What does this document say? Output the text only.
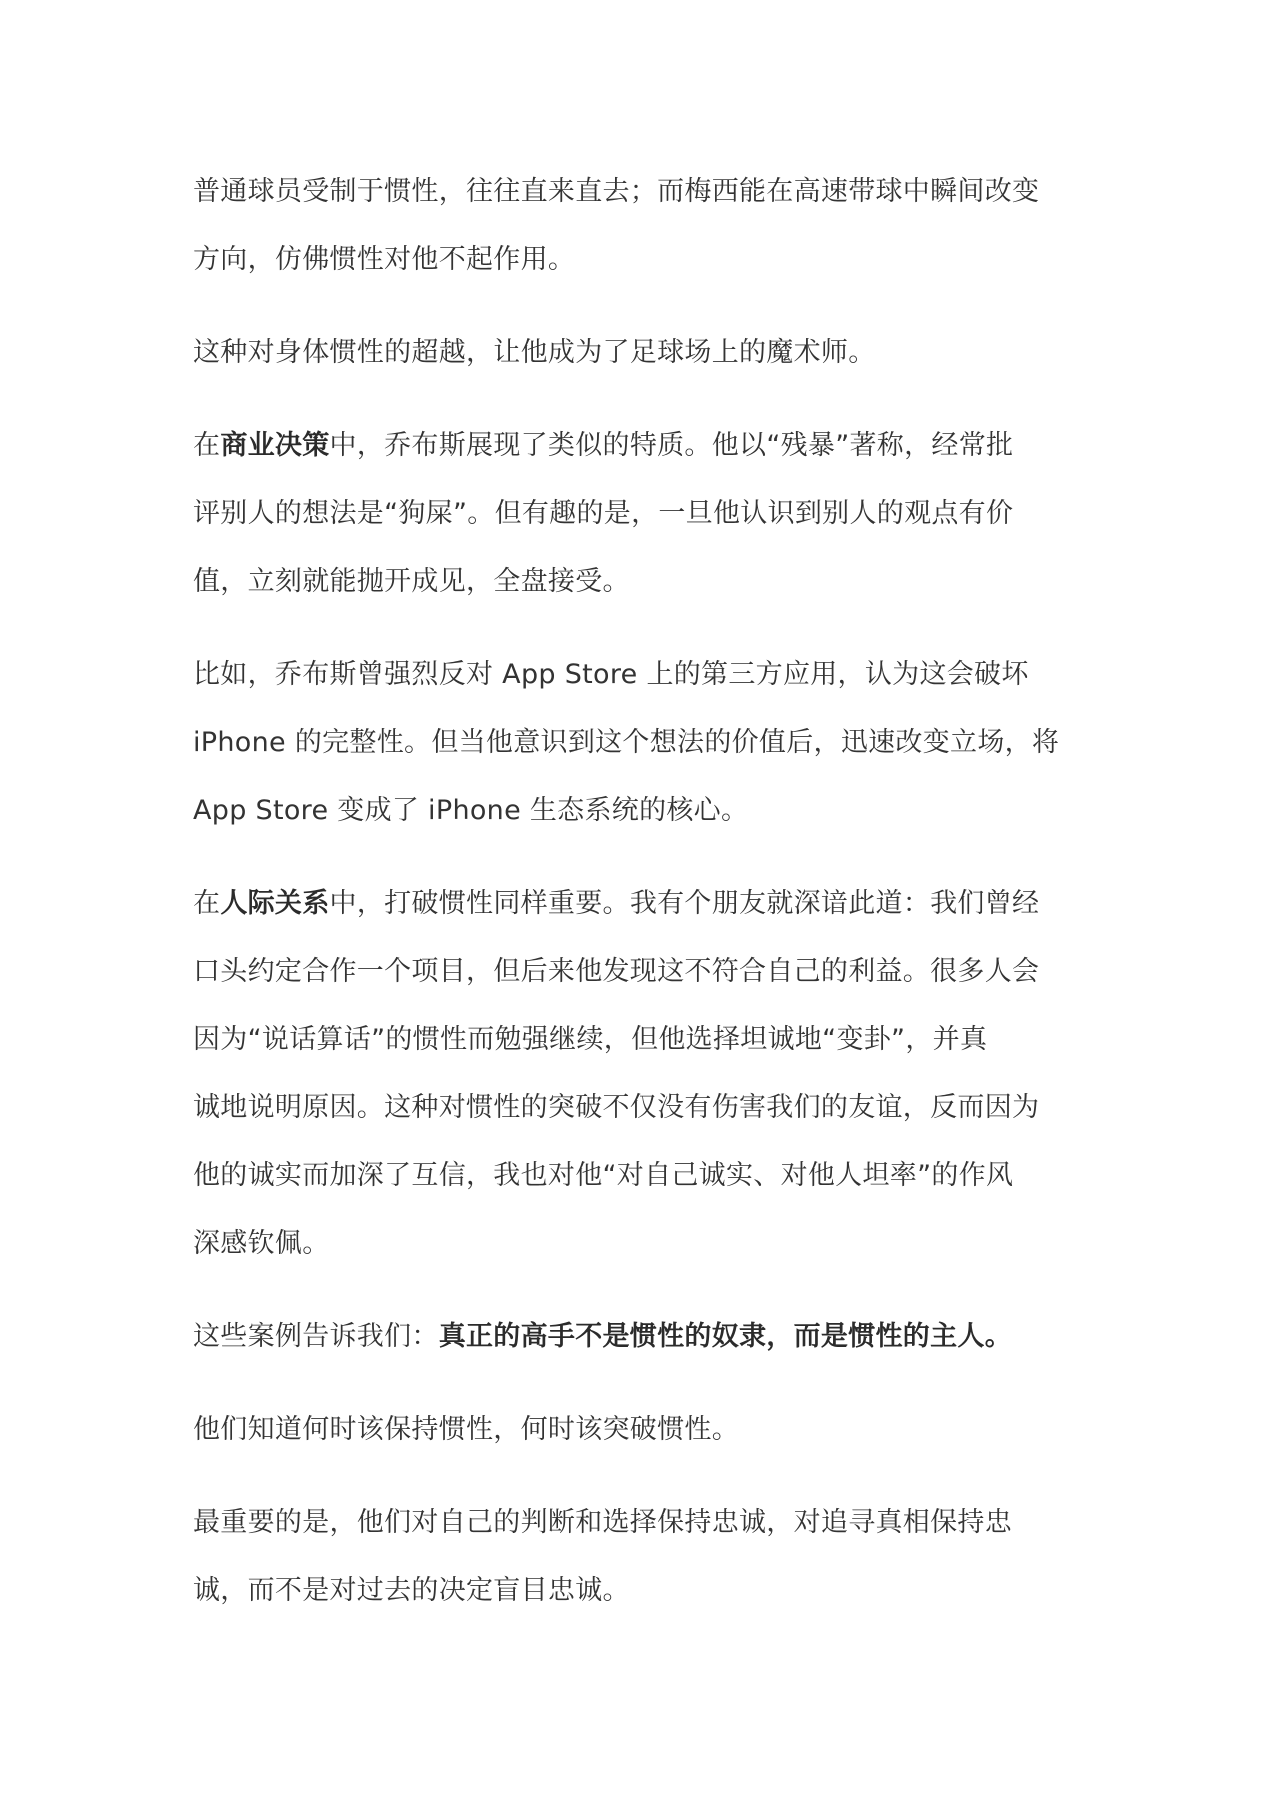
普通球员受制于惯性，往往直来直去；而梅西能在高速带球中瞬间改变
方向，仿佛惯性对他不起作用。

这种对身体惯性的超越，让他成为了足球场上的魔术师。

在商业决策中，乔布斯展现了类似的特质。他以“残暴”著称，经常批
评别人的想法是“狗屎”。但有趣的是，一旦他认识到别人的观点有价
值，立刻就能抛开成见，全盘接受。

比如，乔布斯曾强烈反对 App Store 上的第三方应用，认为这会破坏
iPhone 的完整性。但当他意识到这个想法的价值后，迅速改变立场，将
App Store 变成了 iPhone 生态系统的核心。

在人际关系中，打破惯性同样重要。我有个朋友就深谙此道：我们曾经
口头约定合作一个项目，但后来他发现这不符合自己的利益。很多人会
因为“说话算话”的惯性而勉强继续，但他选择坦诚地“变卦”，并真
诚地说明原因。这种对惯性的突破不仅没有伤害我们的友谊，反而因为
他的诚实而加深了互信，我也对他“对自己诚实、对他人坦率”的作风
深感钦佩。

这些案例告诉我们：真正的高手不是惯性的奴隶，而是惯性的主人。

他们知道何时该保持惯性，何时该突破惯性。

最重要的是，他们对自己的判断和选择保持忠诚，对追寻真相保持忠
诚，而不是对过去的决定盲目忠诚。
